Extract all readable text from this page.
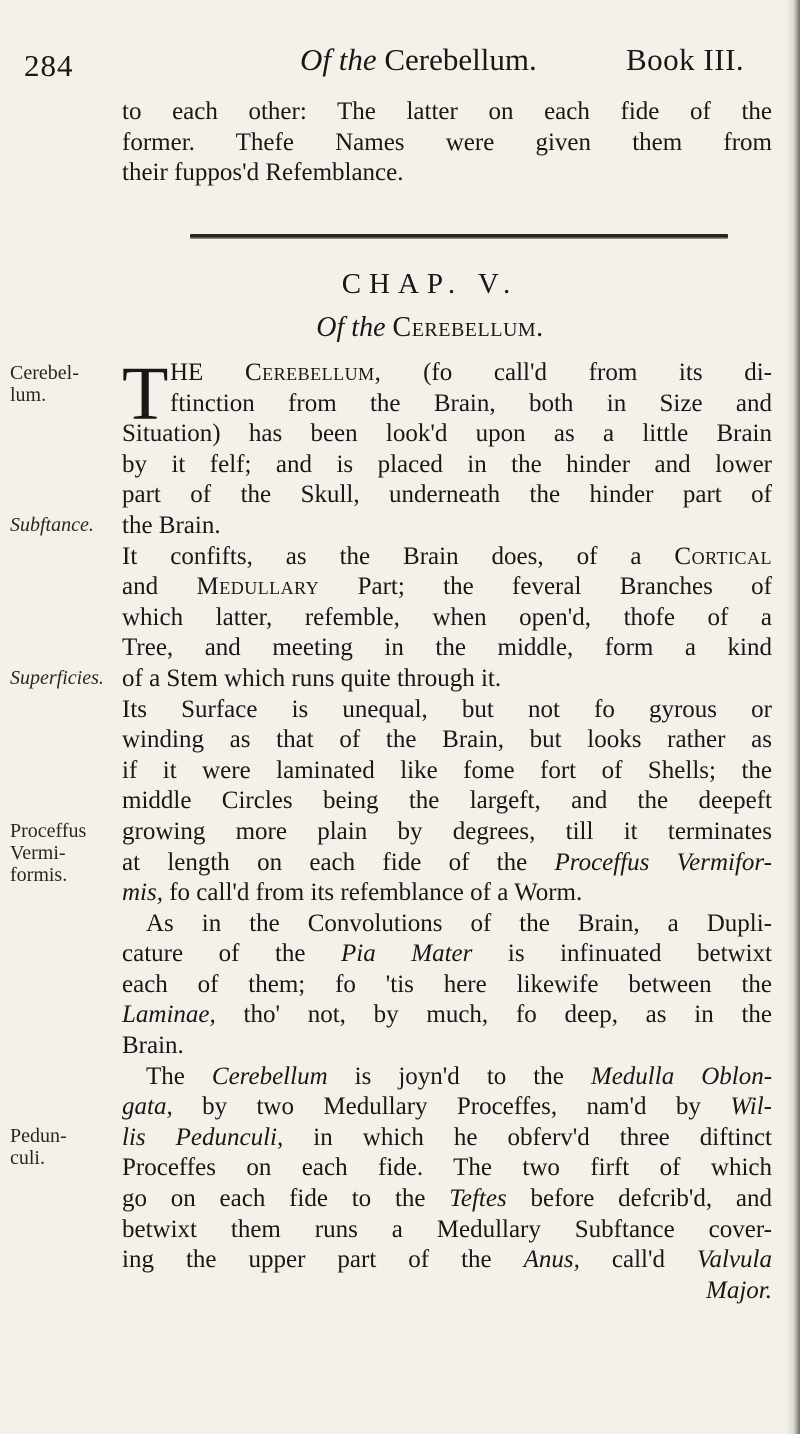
284	Of the Cerebellum.	Book III.
to each other: The latter on each fide of the
former. Thefe Names were given them from
their fuppos'd Refemblance.
CHAP. V.
Of the Cerebellum.
Cerebel-
lum.
Subftance.
Superficies.
Proceffus
Vermi-
formis.
Pedun-
culi.
T HE Cerebellum, (fo call'd from its di-
ftinction from the Brain, both in Size and
Situation) has been look'd upon as a little Brain
by it felf; and is placed in the hinder and lower
part of the Skull, underneath the hinder part of
the Brain.
It confifts, as the Brain does, of a Cortical
and Medullary Part; the feveral Branches of
which latter, refemble, when open'd, thofe of a
Tree, and meeting in the middle, form a kind
of a Stem which runs quite through it.
Its Surface is unequal, but not fo gyrous or
winding as that of the Brain, but looks rather as
if it were laminated like fome fort of Shells; the
middle Circles being the largeft, and the deepeft
growing more plain by degrees, till it terminates
at length on each fide of the Proceffus Vermifor-
mis, fo call'd from its refemblance of a Worm.
As in the Convolutions of the Brain, a Dupli-
cature of the Pia Mater is infinuated betwixt
each of them; fo 'tis here likewife between the
Laminae, tho' not, by much, fo deep, as in the
Brain.
The Cerebellum is joyn'd to the Medulla Oblon-
gata, by two Medullary Proceffes, nam'd by Wil-
lis Pedunculi, in which he obferv'd three diftinct
Proceffes on each fide. The two firft of which
go on each fide to the Teftes before defcrib'd, and
betwixt them runs a Medullary Subftance cover-
ing the upper part of the Anus, call'd Valvula
Major.
